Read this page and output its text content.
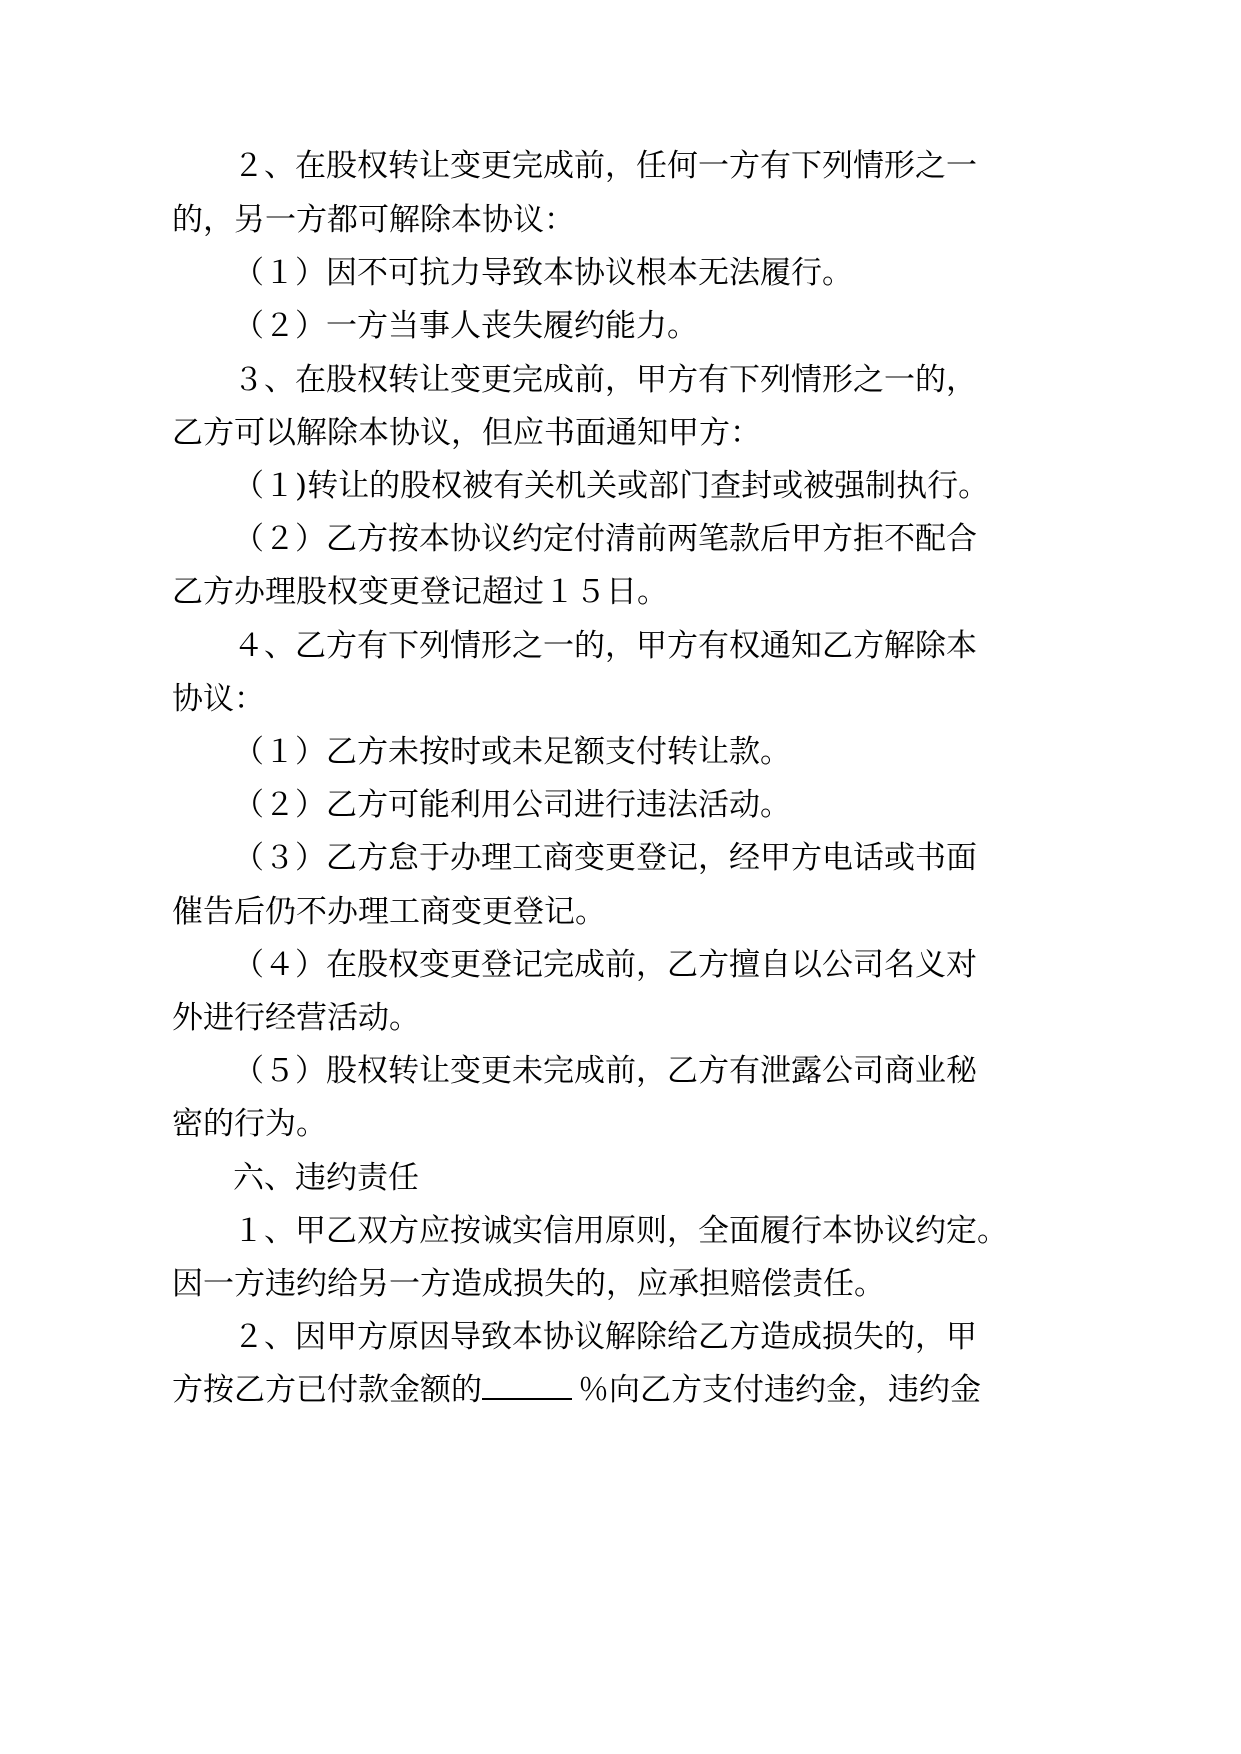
２、在股权转让变更完成前，任何一方有下列情形之一
的，另一方都可解除本协议：
（１）因不可抗力导致本协议根本无法履行。
（２）一方当事人丧失履约能力。
３、在股权转让变更完成前，甲方有下列情形之一的，
乙方可以解除本协议，但应书面通知甲方：
（１)转让的股权被有关机关或部门查封或被强制执行。
（２）乙方按本协议约定付清前两笔款后甲方拒不配合
乙方办理股权变更登记超过１５日。
４、乙方有下列情形之一的，甲方有权通知乙方解除本
协议：
（１）乙方未按时或未足额支付转让款。
（２）乙方可能利用公司进行违法活动。
（３）乙方怠于办理工商变更登记，经甲方电话或书面
催告后仍不办理工商变更登记。
（４）在股权变更登记完成前，乙方擅自以公司名义对
外进行经营活动。
（５）股权转让变更未完成前，乙方有泄露公司商业秘
密的行为。
六、违约责任
１、甲乙双方应按诚实信用原则，全面履行本协议约定。
因一方违约给另一方造成损失的，应承担赔偿责任。
２、因甲方原因导致本协议解除给乙方造成损失的，甲
方按乙方已付款金额的	％向乙方支付违约金，违约金
